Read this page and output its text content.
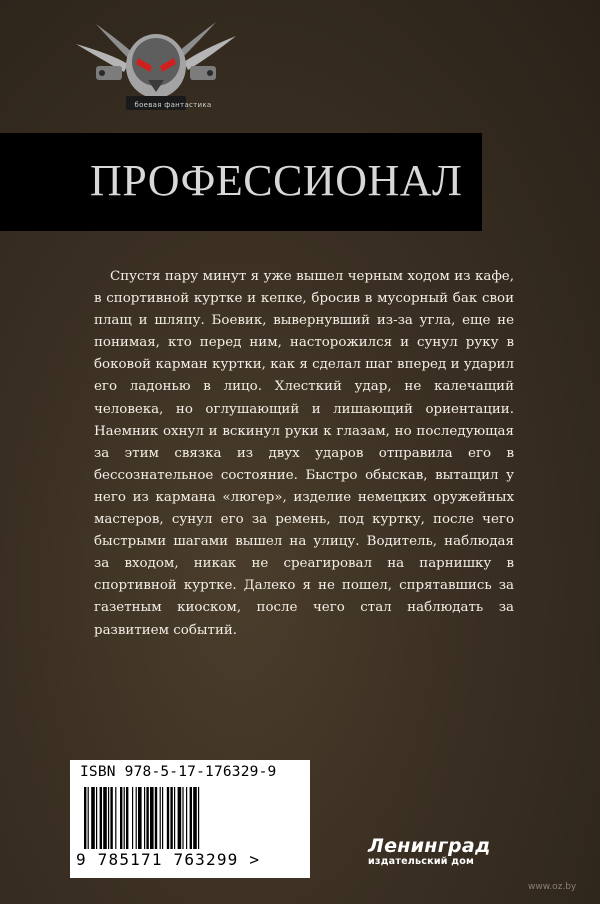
боевая фантастика
ПРОФЕССИОНАЛ

Спустя пару минут я уже вышел черным ходом из кафе, в спортивной куртке и кепке, бросив в мусорный бак свои плащ и шляпу. Боевик, вывернувший из-за угла, еще не понимая, кто перед ним, насторожился и сунул руку в боковой карман куртки, как я сделал шаг вперед и ударил его ладонью в лицо. Хлесткий удар, не калечащий человека, но оглушающий и лишающий ориентации. Наемник охнул и вскинул руки к глазам, но последующая за этим связка из двух ударов отправила его в бессознательное состояние. Быстро обыскав, вытащил у него из кармана «люгер», изделие немецких оружейных мастеров, сунул его за ремень, под куртку, после чего быстрыми шагами вышел на улицу. Водитель, наблюдая за входом, никак не среагировал на парнишку в спортивной куртке. Далеко я не пошел, спрятавшись за газетным киоском, после чего стал наблюдать за развитием событий.

ISBN 978-5-17-176329-9
9 785171 763299 >
Ленинград
издательский дом
www.oz.by
